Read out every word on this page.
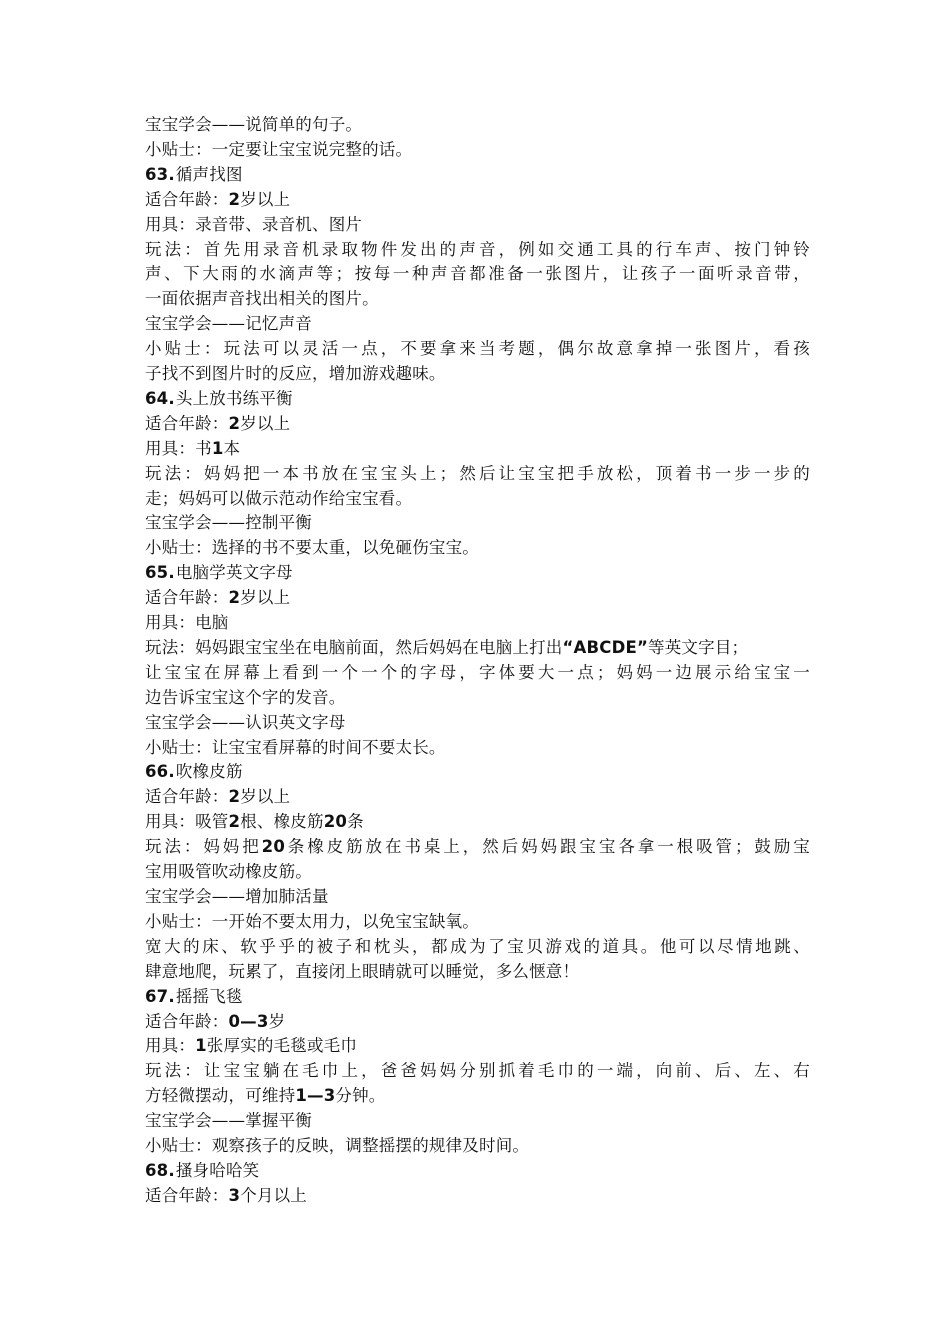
宝宝学会——说简单的句子。
小贴士：一定要让宝宝说完整的话。
63.循声找图
适合年龄：2岁以上
用具：录音带、录音机、图片
玩法：首先用录音机录取物件发出的声音，例如交通工具的行车声、按门钟铃
声、下大雨的水滴声等；按每一种声音都准备一张图片，让孩子一面听录音带，
一面依据声音找出相关的图片。
宝宝学会——记忆声音
小贴士：玩法可以灵活一点，不要拿来当考题，偶尔故意拿掉一张图片，看孩
子找不到图片时的反应，增加游戏趣味。
64.头上放书练平衡
适合年龄：2岁以上
用具：书1本
玩法：妈妈把一本书放在宝宝头上；然后让宝宝把手放松，顶着书一步一步的
走；妈妈可以做示范动作给宝宝看。
宝宝学会——控制平衡
小贴士：选择的书不要太重，以免砸伤宝宝。
65.电脑学英文字母
适合年龄：2岁以上
用具：电脑
玩法：妈妈跟宝宝坐在电脑前面，然后妈妈在电脑上打出“ABCDE”等英文字目；
让宝宝在屏幕上看到一个一个的字母，字体要大一点；妈妈一边展示给宝宝一
边告诉宝宝这个字的发音。
宝宝学会——认识英文字母
小贴士：让宝宝看屏幕的时间不要太长。
66.吹橡皮筋
适合年龄：2岁以上
用具：吸管2根、橡皮筋20条
玩法：妈妈把20条橡皮筋放在书桌上，然后妈妈跟宝宝各拿一根吸管；鼓励宝
宝用吸管吹动橡皮筋。
宝宝学会——增加肺活量
小贴士：一开始不要太用力，以免宝宝缺氧。
宽大的床、软乎乎的被子和枕头，都成为了宝贝游戏的道具。他可以尽情地跳、
肆意地爬，玩累了，直接闭上眼睛就可以睡觉，多么惬意！
67.摇摇飞毯
适合年龄：0—3岁
用具：1张厚实的毛毯或毛巾
玩法：让宝宝躺在毛巾上，爸爸妈妈分别抓着毛巾的一端，向前、后、左、右
方轻微摆动，可维持1—3分钟。
宝宝学会——掌握平衡
小贴士：观察孩子的反映，调整摇摆的规律及时间。
68.搔身哈哈笑
适合年龄：3个月以上
